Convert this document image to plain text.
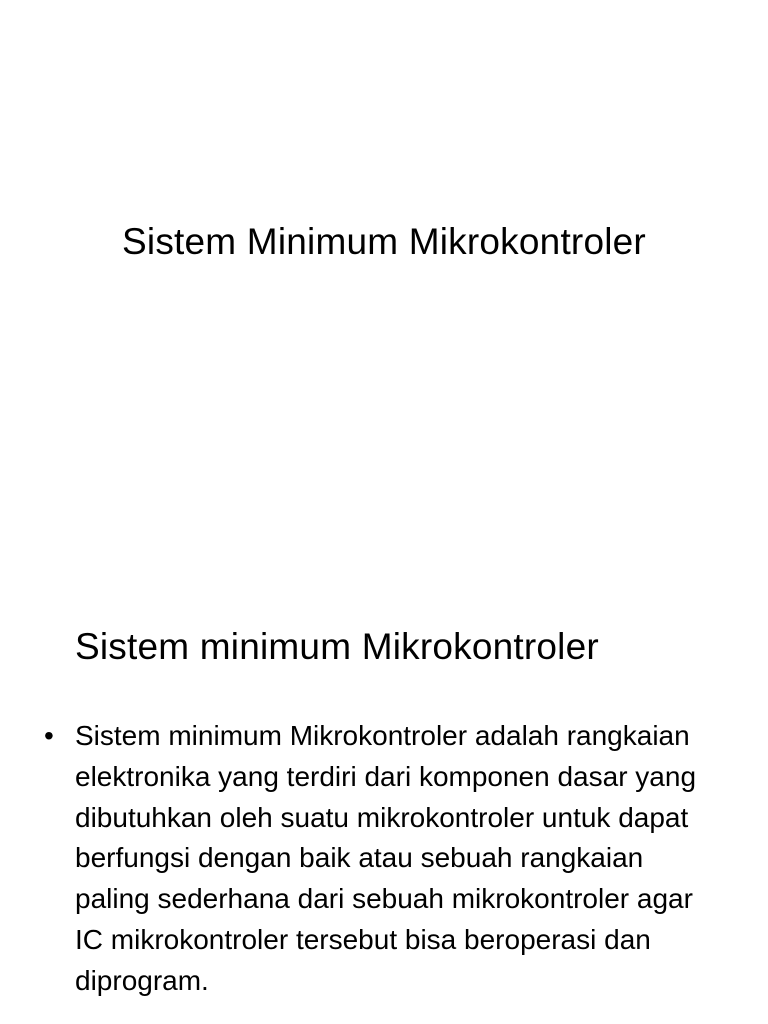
Sistem Minimum Mikrokontroler
Sistem minimum Mikrokontroler
• Sistem minimum Mikrokontroler adalah rangkaian elektronika yang terdiri dari komponen dasar yang dibutuhkan oleh suatu mikrokontroler untuk dapat berfungsi dengan baik atau sebuah rangkaian paling sederhana dari sebuah mikrokontroler agar IC mikrokontroler tersebut bisa beroperasi dan diprogram.
